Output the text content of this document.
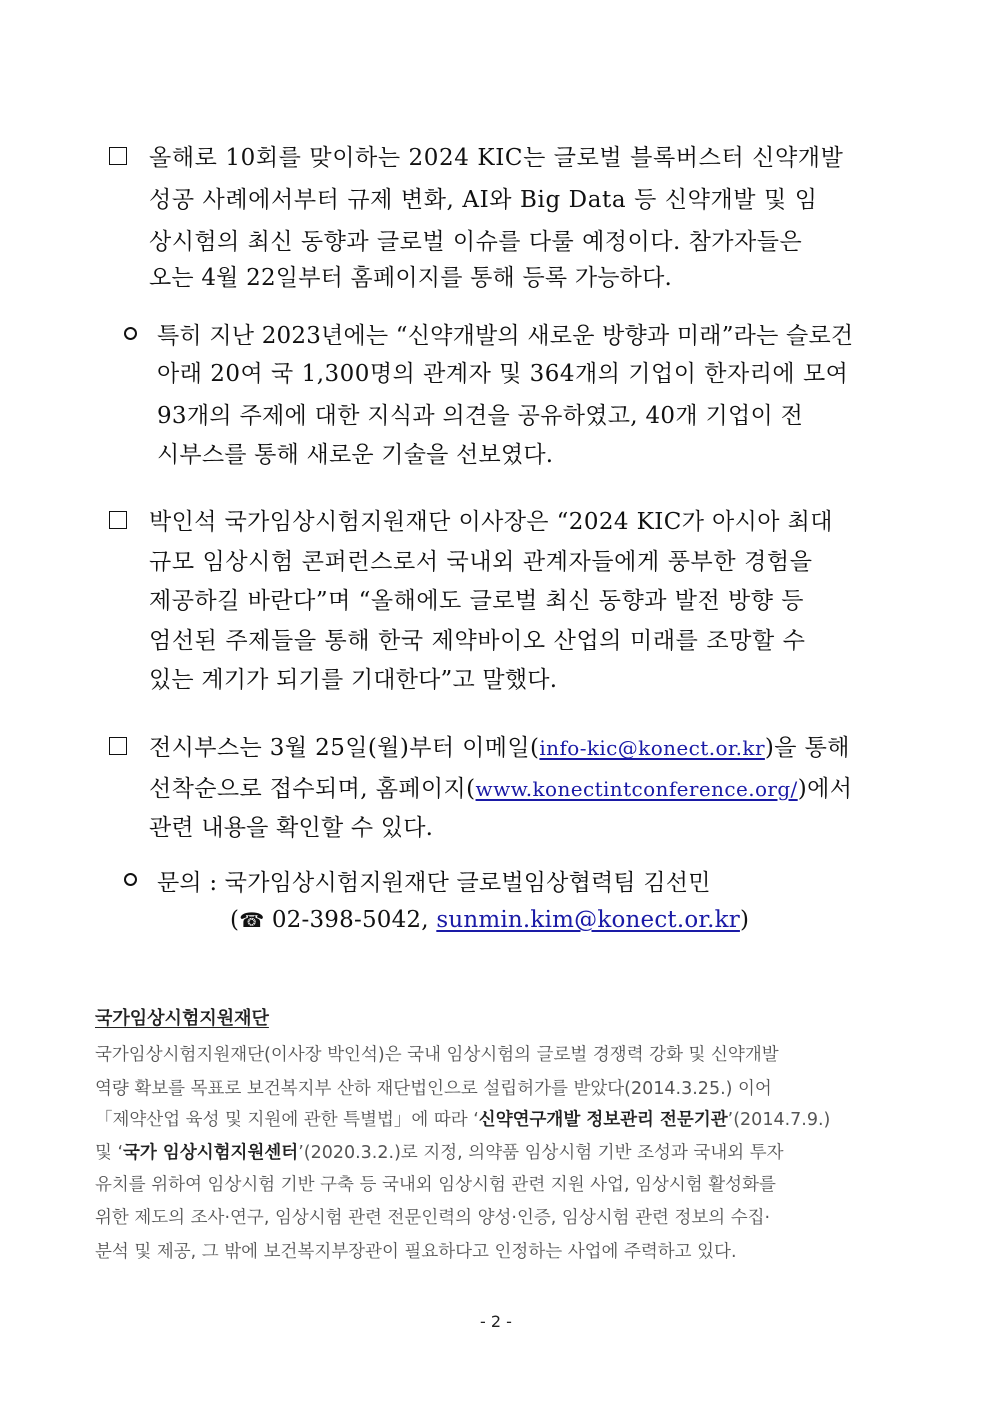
올해로 10회를 맞이하는 2024 KIC는 글로벌 블록버스터 신약개발
성공 사례에서부터 규제 변화, AI와 Big Data 등 신약개발 및 임
상시험의 최신 동향과 글로벌 이슈를 다룰 예정이다. 참가자들은
오는 4월 22일부터 홈페이지를 통해 등록 가능하다.
특히 지난 2023년에는 “신약개발의 새로운 방향과 미래”라는 슬로건
아래 20여 국 1,300명의 관계자 및 364개의 기업이 한자리에 모여
93개의 주제에 대한 지식과 의견을 공유하였고, 40개 기업이 전
시부스를 통해 새로운 기술을 선보였다.
박인석 국가임상시험지원재단 이사장은 “2024 KIC가 아시아 최대
규모 임상시험 콘퍼런스로서 국내외 관계자들에게 풍부한 경험을
제공하길 바란다”며 “올해에도 글로벌 최신 동향과 발전 방향 등
엄선된 주제들을 통해 한국 제약바이오 산업의 미래를 조망할 수
있는 계기가 되기를 기대한다”고 말했다.
전시부스는 3월 25일(월)부터 이메일(info-kic@konect.or.kr)을 통해
선착순으로 접수되며, 홈페이지(www.konectintconference.org/)에서
관련 내용을 확인할 수 있다.
문의 : 국가임상시험지원재단 글로벌임상협력팀 김선민
(☎ 02-398-5042, sunmin.kim@konect.or.kr)
국가임상시험지원재단
국가임상시험지원재단(이사장 박인석)은 국내 임상시험의 글로벌 경쟁력 강화 및 신약개발
역량 확보를 목표로 보건복지부 산하 재단법인으로 설립허가를 받았다(2014.3.25.) 이어
「제약산업 육성 및 지원에 관한 특별법」에 따라 ‘신약연구개발 정보관리 전문기관’(2014.7.9.)
및 ‘국가 임상시험지원센터’(2020.3.2.)로 지정, 의약품 임상시험 기반 조성과 국내외 투자
유치를 위하여 임상시험 기반 구축 등 국내외 임상시험 관련 지원 사업, 임상시험 활성화를
위한 제도의 조사·연구, 임상시험 관련 전문인력의 양성·인증, 임상시험 관련 정보의 수집·
분석 및 제공, 그 밖에 보건복지부장관이 필요하다고 인정하는 사업에 주력하고 있다.
- 2 -
